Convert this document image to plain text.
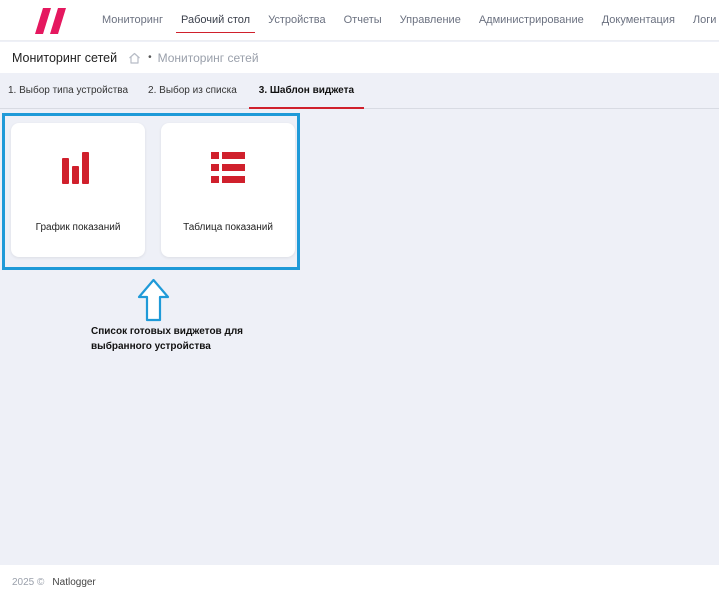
Мониторинг	Рабочий стол	Устройства	Отчеты	Управление	Администрирование	Документация	Логи
Мониторинг сетей	• Мониторинг сетей
1. Выбор типа устройства	2. Выбор из списка	3. Шаблон виджета
График показаний	Таблица показаний
Список готовых виджетов для выбранного устройства
2025 © Natlogger
